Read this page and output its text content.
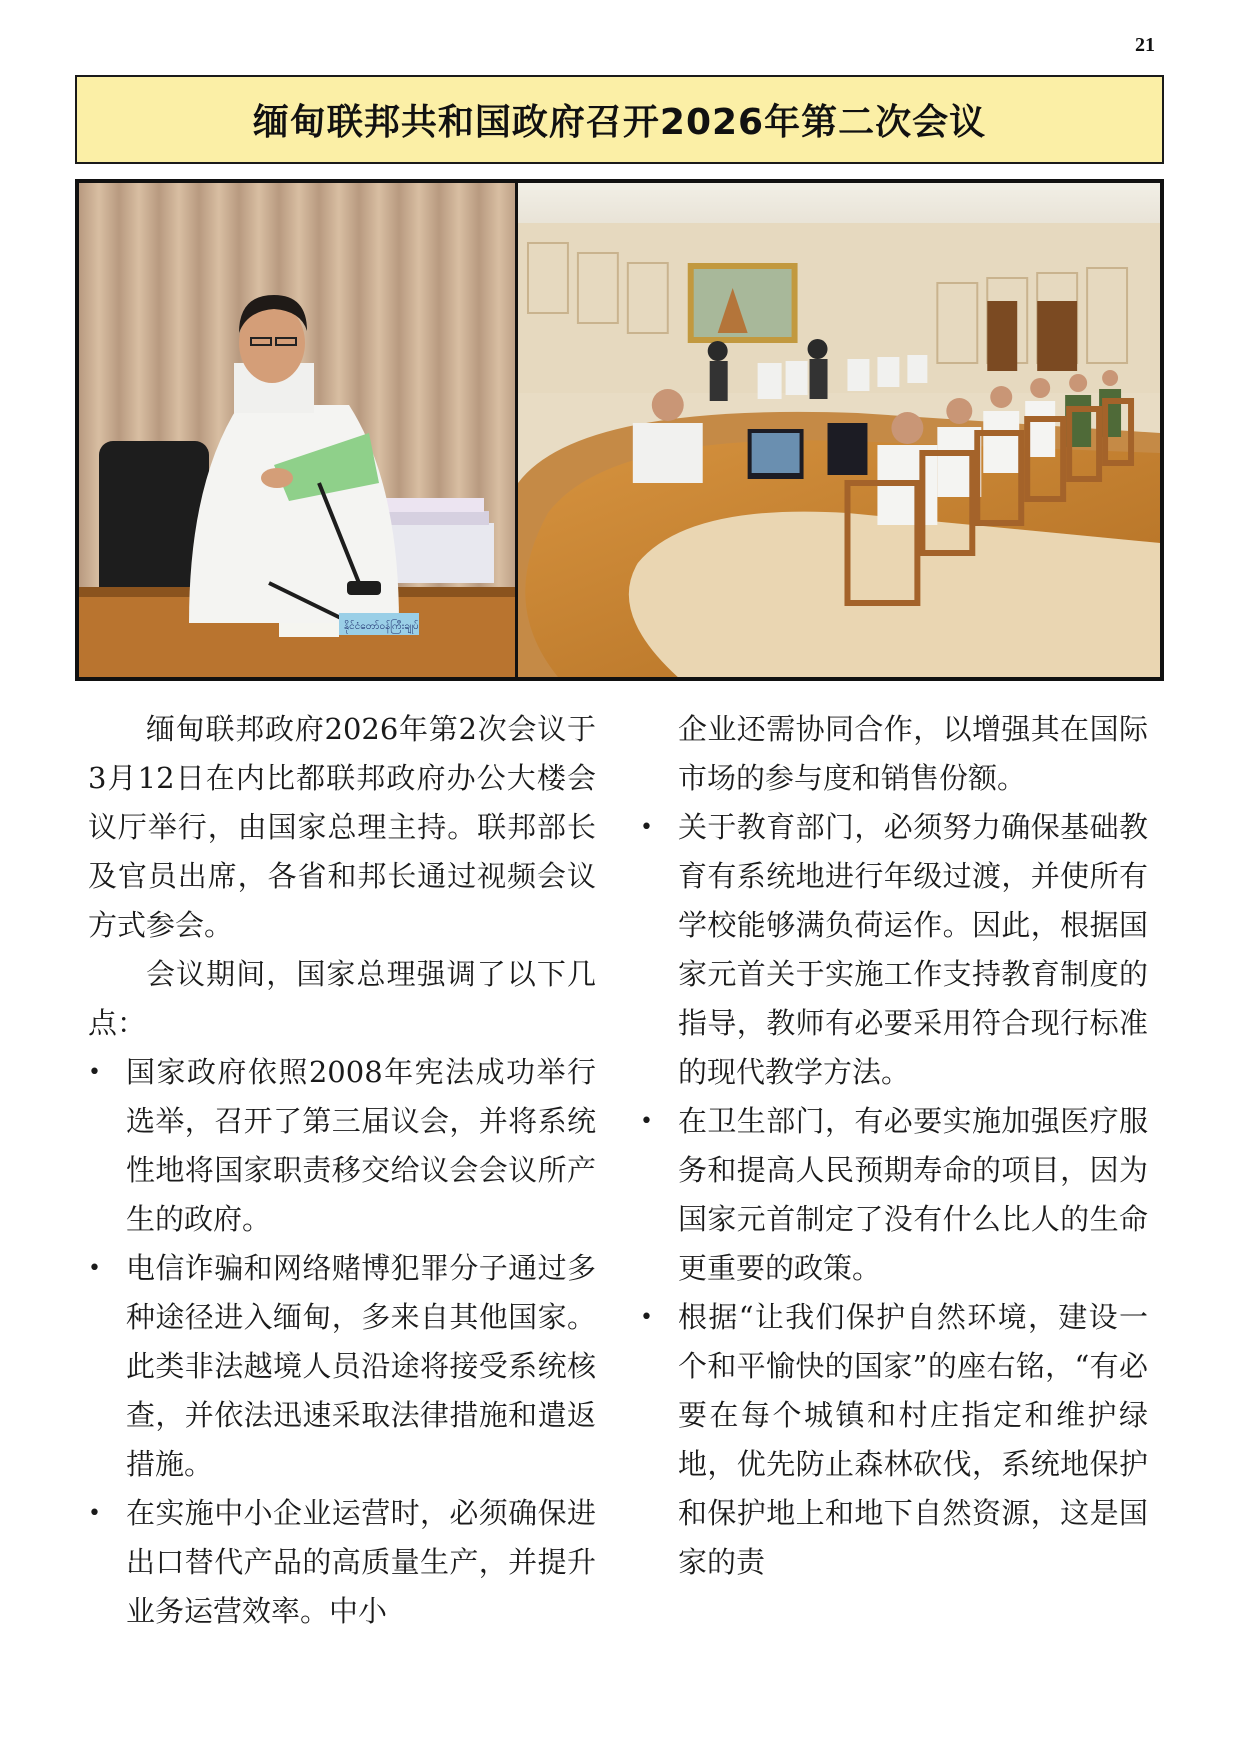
21
缅甸联邦共和国政府召开2026年第二次会议
နိုင်ငံတော်ဝန်ကြီးချုပ်

缅甸联邦政府2026年第2次会议于3月12日在内比都联邦政府办公大楼会议厅举行，由国家总理主持。联邦部长及官员出席，各省和邦长通过视频会议方式参会。

会议期间，国家总理强调了以下几点：

• 国家政府依照2008年宪法成功举行选举，召开了第三届议会，并将系统性地将国家职责移交给议会会议所产生的政府。
• 电信诈骗和网络赌博犯罪分子通过多种途径进入缅甸，多来自其他国家。此类非法越境人员沿途将接受系统核查，并依法迅速采取法律措施和遣返措施。
• 在实施中小企业运营时，必须确保进出口替代产品的高质量生产，并提升业务运营效率。中小
企业还需协同合作，以增强其在国际市场的参与度和销售份额。
• 关于教育部门，必须努力确保基础教育有系统地进行年级过渡，并使所有学校能够满负荷运作。因此，根据国家元首关于实施工作支持教育制度的指导，教师有必要采用符合现行标准的现代教学方法。
• 在卫生部门，有必要实施加强医疗服务和提高人民预期寿命的项目，因为国家元首制定了没有什么比人的生命更重要的政策。
• 根据“让我们保护自然环境，建设一个和平愉快的国家”的座右铭，“有必要在每个城镇和村庄指定和维护绿地，优先防止森林砍伐，系统地保护和保护地上和地下自然资源，这是国家的责
